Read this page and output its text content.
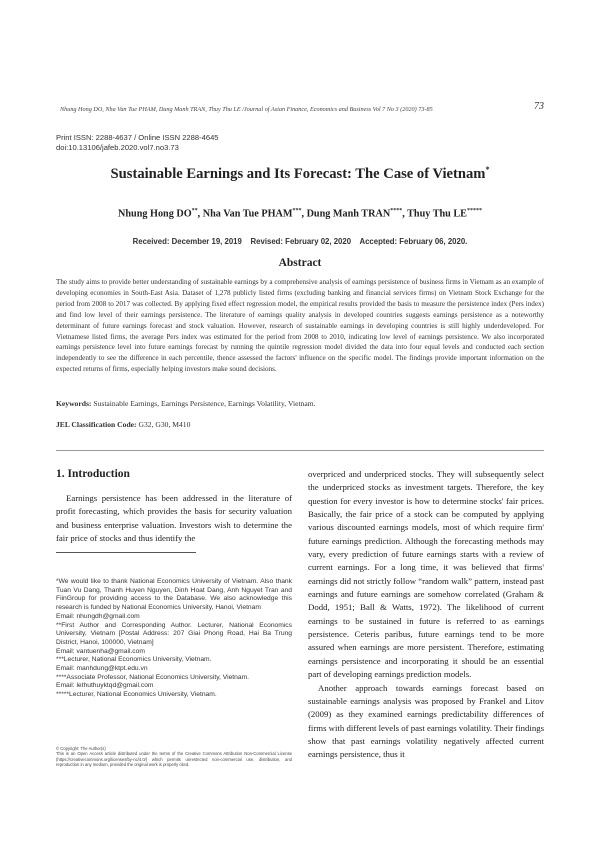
Nhung Hong DO, Nha Van Tue PHAM, Dung Manh TRAN, Thuy Thu LE /Journal of Asian Finance, Economics and Business Vol 7 No 3 (2020) 73-85	73
Print ISSN: 2288-4637 / Online ISSN 2288-4645
doi:10.13106/jafeb.2020.vol7.no3.73
Sustainable Earnings and Its Forecast: The Case of Vietnam*
Nhung Hong DO**, Nha Van Tue PHAM***, Dung Manh TRAN****, Thuy Thu LE*****
Received: December 19, 2019    Revised: February 02, 2020    Accepted: February 06, 2020.
Abstract
The study aims to provide better understanding of sustainable earnings by a comprehensive analysis of earnings persistence of business firms in Vietnam as an example of developing economies in South-East Asia. Dataset of 1,278 publicly listed firms (excluding banking and financial services firms) on Vietnam Stock Exchange for the period from 2008 to 2017 was collected. By applying fixed effect regression model, the empirical results provided the basis to measure the persistence index (Pers index) and find low level of their earnings persistence. The literature of earnings quality analysis in developed countries suggests earnings persistence as a noteworthy determinant of future earnings forecast and stock valuation. However, research of sustainable earnings in developing countries is still highly underdeveloped. For Vietnamese listed firms, the average Pers index was estimated for the period from 2008 to 2010, indicating low level of earnings persistence. We also incorporated earnings persistence level into future earnings forecast by running the quintile regression model divided the data into four equal levels and conducted each section independently to see the difference in each percentile, thence assessed the factors' influence on the specific model. The findings provide important information on the expected returns of firms, especially helping investors make sound decisions.
Keywords: Sustainable Earnings, Earnings Persistence, Earnings Volatility, Vietnam.
JEL Classification Code: G32, G30, M410
1. Introduction

Earnings persistence has been addressed in the literature of profit forecasting, which provides the basis for security valuation and business enterprise valuation. Investors wish to determine the fair price of stocks and thus identify the

*We would like to thank National Economics University of Vietnam. Also thank Tuan Vu Dang, Thanh Huyen Nguyen, Dinh Hoat Dang, Anh Nguyet Tran and FiinGroup for providing access to the Database. We also acknowledge this research is funded by National Economics University, Hanoi, Vietnam

Email: nhungdh@gmail.com

**First Author and Corresponding Author. Lecturer, National Economics University, Vietnam [Postal Address: 207 Giai Phong Road, Hai Ba Trung District, Hanoi, 100000, Vietnam]

Email: vantuenha@gmail.com

***Lecturer, National Economics University, Vietnam.

Email: manhdung@ktpt.edu.vn

****Associate Professor, National Economics University, Vietnam.

Email: lethuthuyktqd@gmail.com

*****Lecturer, National Economics University, Vietnam.

© Copyright: The Author(s)
This is an Open Access article distributed under the terms of the Creative Commons Attribution Non-Commercial License (https://creativecommons.org/licenses/by-nc/4.0/) which permits unrestricted non-commercial use, distribution, and reproduction in any medium, provided the original work is properly cited.

overpriced and underpriced stocks. They will subsequently select the underpriced stocks as investment targets. Therefore, the key question for every investor is how to determine stocks' fair prices. Basically, the fair price of a stock can be computed by applying various discounted earnings models, most of which require firm' future earnings prediction. Although the forecasting methods may vary, every prediction of future earnings starts with a review of current earnings. For a long time, it was believed that firms' earnings did not strictly follow “random walk” pattern, instead past earnings and future earnings are somehow correlated (Graham & Dodd, 1951; Ball & Watts, 1972). The likelihood of current earnings to be sustained in future is referred to as earnings persistence. Ceteris paribus, future earnings tend to be more assured when earnings are more persistent. Therefore, estimating earnings persistence and incorporating it should be an essential part of developing earnings prediction models.

Another approach towards earnings forecast based on sustainable earnings analysis was proposed by Frankel and Litov (2009) as they examined earnings predictability differences of firms with different levels of past earnings volatility. Their findings show that past earnings volatility negatively affected current earnings persistence, thus it
